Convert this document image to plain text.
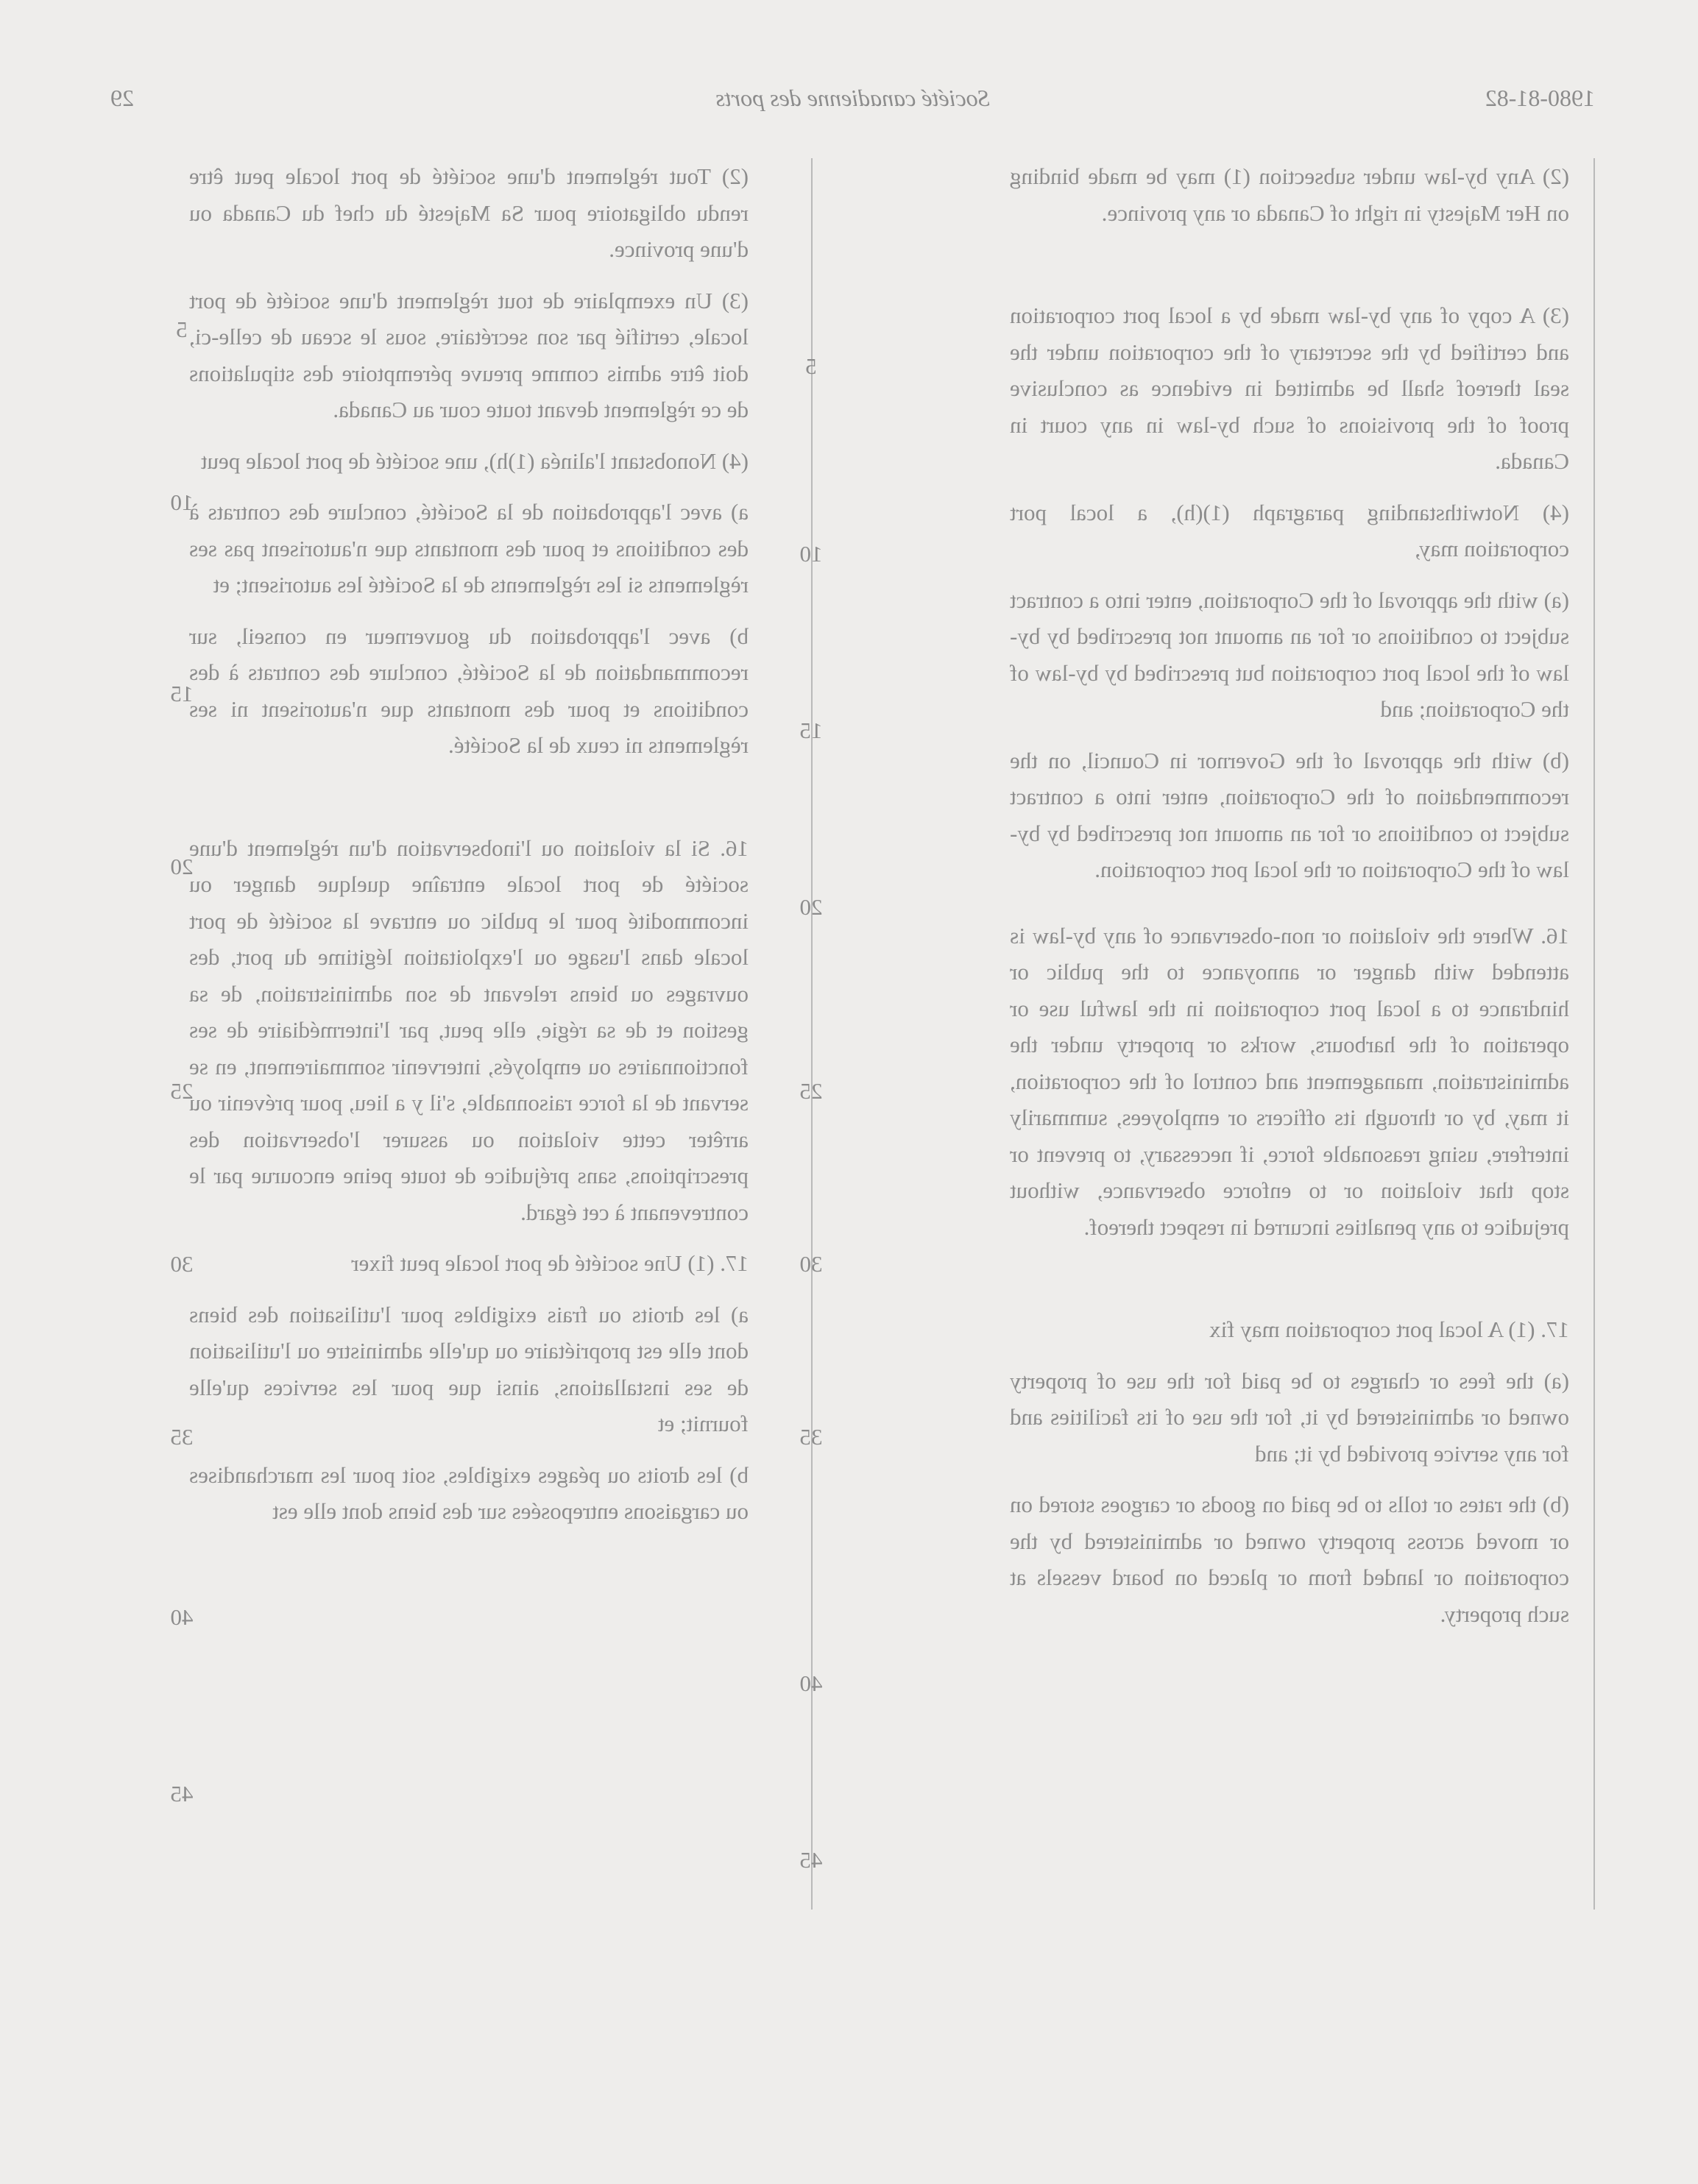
1980-81-82
Société canadienne des ports
29

(2) Any by-law under subsection (1) may be made binding on Her Majesty in right of Canada or any province.

(3) A copy of any by-law made by a local port corporation and certified by the secretary of the corporation under the seal thereof shall be admitted in evidence as conclusive proof of the provisions of such by-law in any court in Canada.

(4) Notwithstanding paragraph (1)(h), a local port corporation may,

(a) with the approval of the Corporation, enter into a contract subject to conditions or for an amount not prescribed by by-law of the local port corporation but prescribed by by-law of the Corporation; and

(b) with the approval of the Governor in Council, on the recommendation of the Corporation, enter into a contract subject to conditions or for an amount not prescribed by by-law of the Corporation or the local port corporation.

16. Where the violation or non-observance of any by-law is attended with danger or annoyance to the public or hindrance to a local port corporation in the lawful use or operation of the harbours, works or property under the administration, management and control of the corporation, it may, by or through its officers or employees, summarily interfere, using reasonable force, if necessary, to prevent or stop that violation or to enforce observance, without prejudice to any penalties incurred in respect thereof.

17. (1) A local port corporation may fix

(a) the fees or charges to be paid for the use of property owned or administered by it, for the use of its facilities and for any service provided by it; and

(b) the rates or tolls to be paid on goods or cargoes stored on or moved across property owned or administered by the corporation or landed from or placed on board vessels at such property.

(2) Tout règlement d'une société de port locale peut être rendu obligatoire pour Sa Majesté du chef du Canada ou d'une province.

(3) Un exemplaire de tout règlement d'une société de port locale, certifié par son secrétaire, sous le sceau de celle-ci, doit être admis comme preuve péremptoire des stipulations de ce règlement devant toute cour au Canada.

(4) Nonobstant l'alinéa (1)h), une société de port locale peut

a) avec l'approbation de la Société, conclure des contrats à des conditions et pour des montants que n'autorisent pas ses règlements si les règlements de la Société les autorisent; et

b) avec l'approbation du gouverneur en conseil, sur recommandation de la Société, conclure des contrats à des conditions et pour des montants que n'autorisent ni ses règlements ni ceux de la Société.

16. Si la violation ou l'inobservation d'un règlement d'une société de port locale entraîne quelque danger ou incommodité pour le public ou entrave la société de port locale dans l'usage ou l'exploitation légitime du port, des ouvrages ou biens relevant de son administration, de sa gestion et de sa régie, elle peut, par l'intermédiaire de ses fonctionnaires ou employés, intervenir sommairement, en se servant de la force raisonnable, s'il y a lieu, pour prévenir ou arrêter cette violation ou assurer l'observation des prescriptions, sans préjudice de toute peine encourue par le contrevenant à cet égard.

17. (1) Une société de port locale peut fixer

a) les droits ou frais exigibles pour l'utilisation des biens dont elle est propriétaire ou qu'elle administre ou l'utilisation de ses installations, ainsi que pour les services qu'elle fournit; et

b) les droits ou péages exigibles, soit pour les marchandises ou cargaisons entreposées sur des biens dont elle est

5
10
15
20
25
30
35
40
45
5
10
15
20
25
30
35
40
45
